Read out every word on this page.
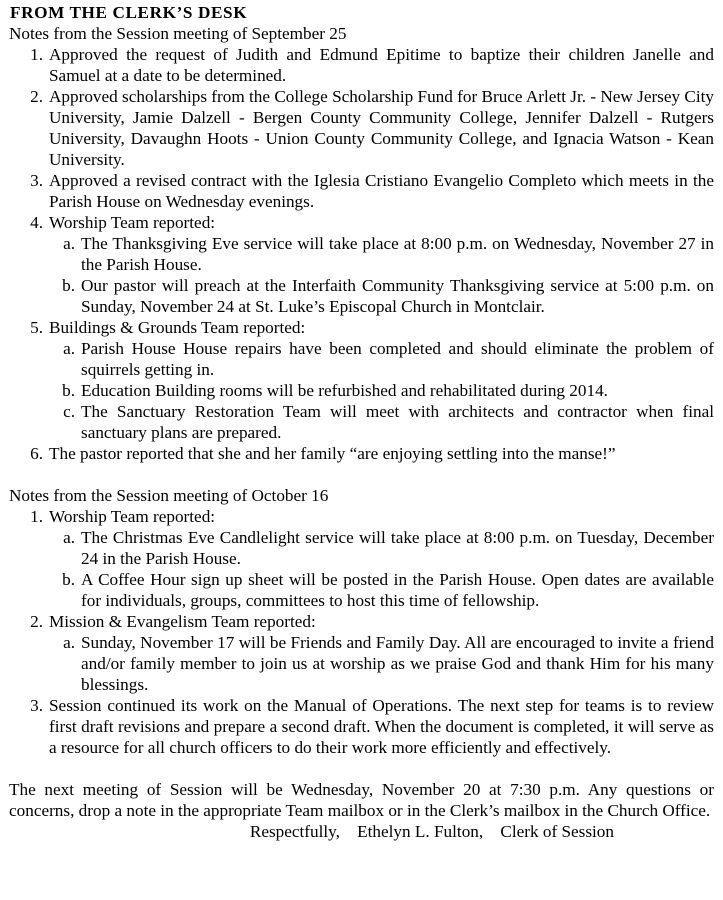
FROM THE CLERK’S DESK

Notes from the Session meeting of September 25

1. Approved the request of Judith and Edmund Epitime to baptize their children Janelle and Samuel at a date to be determined.
2. Approved scholarships from the College Scholarship Fund for Bruce Arlett Jr. - New Jersey City University, Jamie Dalzell - Bergen County Community College, Jennifer Dalzell - Rutgers University, Davaughn Hoots - Union County Community College, and Ignacia Watson - Kean University.
3. Approved a revised contract with the Iglesia Cristiano Evangelio Completo which meets in the Parish House on Wednesday evenings.
4. Worship Team reported:
a. The Thanksgiving Eve service will take place at 8:00 p.m. on Wednesday, November 27 in the Parish House.
b. Our pastor will preach at the Interfaith Community Thanksgiving service at 5:00 p.m. on Sunday, November 24 at St. Luke’s Episcopal Church in Montclair.
5. Buildings & Grounds Team reported:
a. Parish House House repairs have been completed and should eliminate the problem of squirrels getting in.
b. Education Building rooms will be refurbished and rehabilitated during 2014.
c. The Sanctuary Restoration Team will meet with architects and contractor when final sanctuary plans are prepared.
6. The pastor reported that she and her family “are enjoying settling into the manse!”

Notes from the Session meeting of October 16

1. Worship Team reported:
a. The Christmas Eve Candlelight service will take place at 8:00 p.m. on Tuesday, December 24 in the Parish House.
b. A Coffee Hour sign up sheet will be posted in the Parish House. Open dates are available for individuals, groups, committees to host this time of fellowship.
2. Mission & Evangelism Team reported:
a. Sunday, November 17 will be Friends and Family Day. All are encouraged to invite a friend and/or family member to join us at worship as we praise God and thank Him for his many blessings.
3. Session continued its work on the Manual of Operations. The next step for teams is to review first draft revisions and prepare a second draft. When the document is completed, it will serve as a resource for all church officers to do their work more efficiently and effectively.

The next meeting of Session will be Wednesday, November 20 at 7:30 p.m. Any questions or concerns, drop a note in the appropriate Team mailbox or in the Clerk’s mailbox in the Church Office.

Respectfully, Ethelyn L. Fulton, Clerk of Session
